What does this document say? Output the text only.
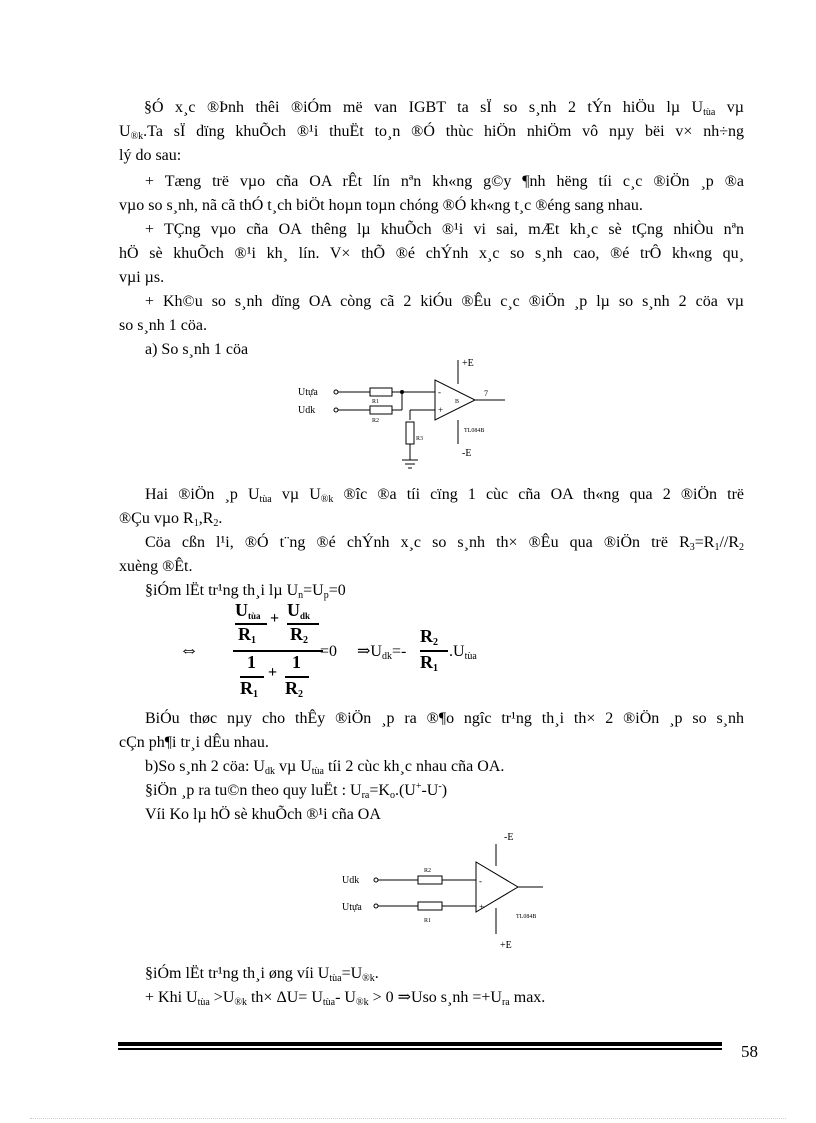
§Ó x¸c ®Þnh thêi ®iÓm më van IGBT ta sÏ so s¸nh 2 tÝn hiÖu lµ $U_{tùa}$ vµ
$U_{®k}.Ta$ sÏ dïng khuÕch ®¹i thuËt to¸n ®Ó thùc hiÖn nhiÖm vô nµy bëi v× nh÷ng
lý do sau:
+ Tæng trë vµo cña OA rÊt lín nªn kh«ng g©y ¶nh hëng tíi c¸c ®iÖn ¸p ®a
vµo so s¸nh, nã cã thÓ t¸ch biÖt hoµn toµn chóng ®Ó kh«ng t¸c ®éng sang nhau.
+ TÇng vµo cña OA thêng lµ khuÕch ®¹i vi sai, mÆt kh¸c sè tÇng nhiÒu nªn
hÖ sè khuÕch ®¹i kh¸ lín. V× thÕ ®é chÝnh x¸c so s¸nh cao, ®é trÔ kh«ng qu¸
vµi µs.
+ Kh©u so s¸nh dïng OA còng cã 2 kiÓu ®Êu c¸c ®iÖn ¸p lµ so s¸nh 2 cöa vµ
so s¸nh 1 cöa.
a) So s¸nh 1 cöa
+E
-E
Utựa
Udk
R1
R2
R3
7
TL084B
B
-
+
Hai ®iÖn ¸p $U_{tùa}$ vµ $U_{®k}$ ®îc ®a tíi cïng 1 cùc cña OA th«ng qua 2 ®iÖn trë
®Çu vµo $R_1,R_2$.
Cöa cßn l¹i, ®Ó t¨ng ®é chÝnh x¸c so s¸nh th× ®Êu qua ®iÖn trë $R_3=R_1//R_2$
xuèng ®Êt.
§iÓm lËt tr¹ng th¸i lµ $U_n=U_p=0$
⇔
$U_{tùa} + U_{dk}$
$R_1$ $R_2$
1
+
1
$R_1$ $R_2$
=0 $\Rightarrow U_{dk}=-$
$R_2$
$R_1$
$.U_{tùa}$
BiÓu thøc nµy cho thÊy ®iÖn ¸p ra ®¶o ngîc tr¹ng th¸i th× 2 ®iÖn ¸p so s¸nh
cÇn ph¶i tr¸i dÊu nhau.
b)So s¸nh 2 cöa: $U_{dk}$ vµ $U_{tùa}$ tíi 2 cùc kh¸c nhau cña OA.
§iÖn ¸p ra tu©n theo quy luËt : $U_{ra}=K_o.(U^+-U^-)$
Víi Ko lµ hÖ sè khuÕch ®¹i cña OA
-E
+E
Udk
Utựa
R2
R1
TL084B
-
+
§iÓm lËt tr¹ng th¸i øng víi $U_{tùa}=U_{®k}$.
+ Khi $U_{tùa} >U_{®k}$ $th\times \Delta U= U_{tùa}-$ $U_{®k} > 0$ ⇒Uso s¸nh $=+U_{ra}$ max.
58
